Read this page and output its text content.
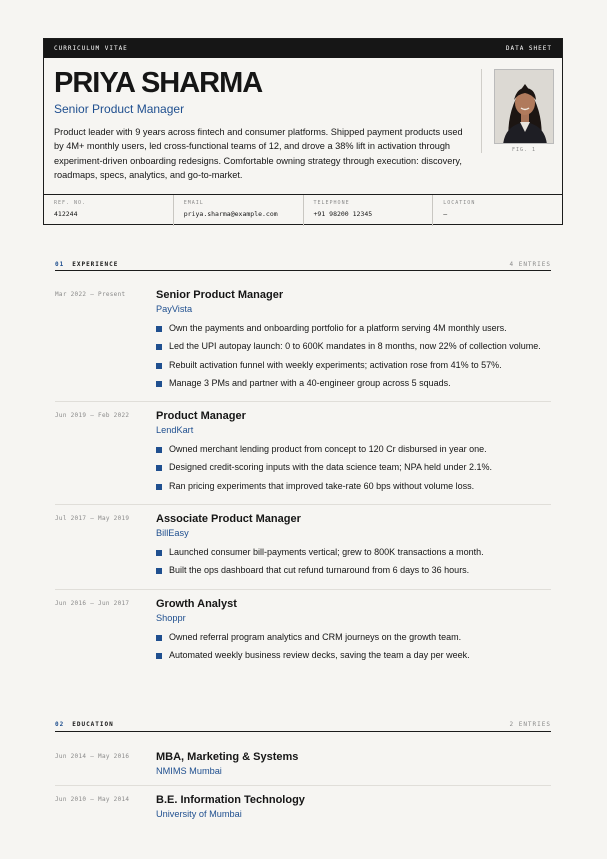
CURRICULUM VITAE	DATA SHEET
PRIYA SHARMA
Senior Product Manager
Product leader with 9 years across fintech and consumer platforms. Shipped payment products used by 4M+ monthly users, led cross-functional teams of 12, and drove a 38% lift in activation through experiment-driven onboarding redesigns. Comfortable owning strategy through execution: discovery, roadmaps, specs, analytics, and go-to-market.
FIG. 1
REF. NO.
412244
EMAIL
priya.sharma@example.com
TELEPHONE
+91 98200 12345
LOCATION
—
01 EXPERIENCE	4 ENTRIES
Mar 2022 – Present	Senior Product Manager
PayVista
Own the payments and onboarding portfolio for a platform serving 4M monthly users.
Led the UPI autopay launch: 0 to 600K mandates in 8 months, now 22% of collection volume.
Rebuilt activation funnel with weekly experiments; activation rose from 41% to 57%.
Manage 3 PMs and partner with a 40-engineer group across 5 squads.
Jun 2019 – Feb 2022 Product Manager
LendKart
Owned merchant lending product from concept to 120 Cr disbursed in year one.
Designed credit-scoring inputs with the data science team; NPA held under 2.1%.
Ran pricing experiments that improved take-rate 60 bps without volume loss.
Jul 2017 – May 2019 Associate Product Manager
BillEasy
Launched consumer bill-payments vertical; grew to 800K transactions a month.
Built the ops dashboard that cut refund turnaround from 6 days to 36 hours.
Jun 2016 – Jun 2017 Growth Analyst
Shoppr
Owned referral program analytics and CRM journeys on the growth team.
Automated weekly business review decks, saving the team a day per week.
02 EDUCATION	2 ENTRIES
Jun 2014 – May 2016 MBA, Marketing & Systems
NMIMS Mumbai
Jun 2010 – May 2014 B.E. Information Technology
University of Mumbai
